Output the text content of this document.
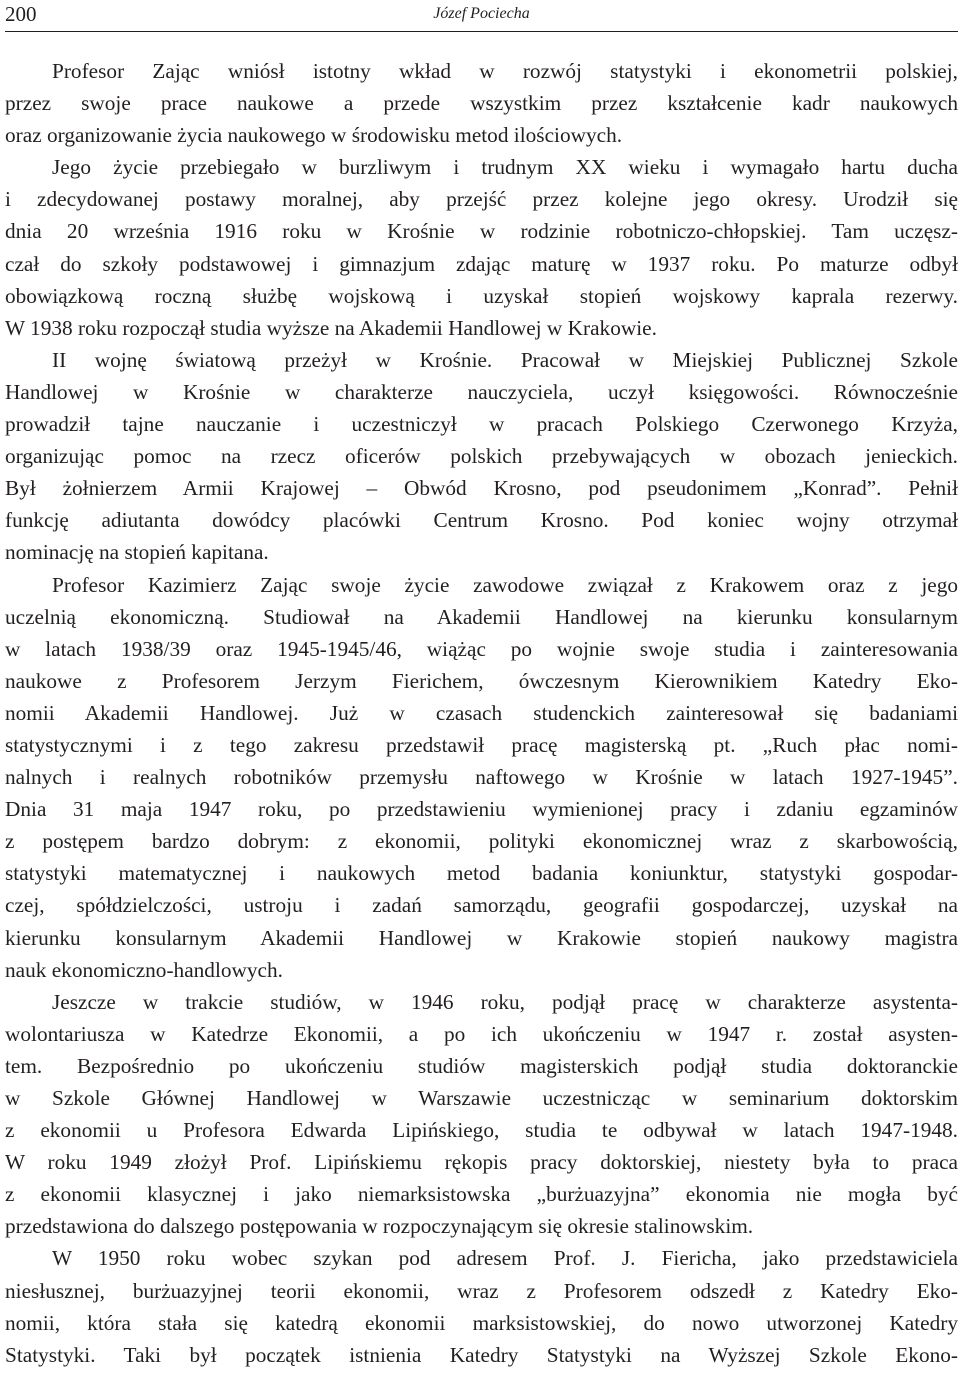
200	Józef Pociecha
Profesor Zając wniósł istotny wkład w rozwój statystyki i ekonometrii polskiej,
przez swoje prace naukowe a przede wszystkim przez kształcenie kadr naukowych
oraz organizowanie życia naukowego w środowisku metod ilościowych.
Jego życie przebiegało w burzliwym i trudnym XX wieku i wymagało hartu ducha
i zdecydowanej postawy moralnej, aby przejść przez kolejne jego okresy. Urodził się
dnia 20 września 1916 roku w Krośnie w rodzinie robotniczo-chłopskiej. Tam uczęsz-
czał do szkoły podstawowej i gimnazjum zdając maturę w 1937 roku. Po maturze odbył
obowiązkową roczną służbę wojskową i uzyskał stopień wojskowy kaprala rezerwy.
W 1938 roku rozpoczął studia wyższe na Akademii Handlowej w Krakowie.
II wojnę światową przeżył w Krośnie. Pracował w Miejskiej Publicznej Szkole
Handlowej w Krośnie w charakterze nauczyciela, uczył księgowości. Równocześnie
prowadził tajne nauczanie i uczestniczył w pracach Polskiego Czerwonego Krzyża,
organizując pomoc na rzecz oficerów polskich przebywających w obozach jenieckich.
Był żołnierzem Armii Krajowej – Obwód Krosno, pod pseudonimem „Konrad”. Pełnił
funkcję adiutanta dowódcy placówki Centrum Krosno. Pod koniec wojny otrzymał
nominację na stopień kapitana.
Profesor Kazimierz Zając swoje życie zawodowe związał z Krakowem oraz z jego
uczelnią ekonomiczną. Studiował na Akademii Handlowej na kierunku konsularnym
w latach 1938/39 oraz 1945-1945/46, wiążąc po wojnie swoje studia i zainteresowania
naukowe z Profesorem Jerzym Fierichem, ówczesnym Kierownikiem Katedry Eko-
nomii Akademii Handlowej. Już w czasach studenckich zainteresował się badaniami
statystycznymi i z tego zakresu przedstawił pracę magisterską pt. „Ruch płac nomi-
nalnych i realnych robotników przemysłu naftowego w Krośnie w latach 1927-1945”.
Dnia 31 maja 1947 roku, po przedstawieniu wymienionej pracy i zdaniu egzaminów
z postępem bardzo dobrym: z ekonomii, polityki ekonomicznej wraz z skarbowością,
statystyki matematycznej i naukowych metod badania koniunktur, statystyki gospodar-
czej, spółdzielczości, ustroju i zadań samorządu, geografii gospodarczej, uzyskał na
kierunku konsularnym Akademii Handlowej w Krakowie stopień naukowy magistra
nauk ekonomiczno-handlowych.
Jeszcze w trakcie studiów, w 1946 roku, podjął pracę w charakterze asystenta-
wolontariusza w Katedrze Ekonomii, a po ich ukończeniu w 1947 r. został asysten-
tem. Bezpośrednio po ukończeniu studiów magisterskich podjął studia doktoranckie
w Szkole Głównej Handlowej w Warszawie uczestnicząc w seminarium doktorskim
z ekonomii u Profesora Edwarda Lipińskiego, studia te odbywał w latach 1947-1948.
W roku 1949 złożył Prof. Lipińskiemu rękopis pracy doktorskiej, niestety była to praca
z ekonomii klasycznej i jako niemarksistowska „burżuazyjna” ekonomia nie mogła być
przedstawiona do dalszego postępowania w rozpoczynającym się okresie stalinowskim.
W 1950 roku wobec szykan pod adresem Prof. J. Fiericha, jako przedstawiciela
niesłusznej, burżuazyjnej teorii ekonomii, wraz z Profesorem odszedł z Katedry Eko-
nomii, która stała się katedrą ekonomii marksistowskiej, do nowo utworzonej Katedry
Statystyki. Taki był początek istnienia Katedry Statystyki na Wyższej Szkole Ekono-
